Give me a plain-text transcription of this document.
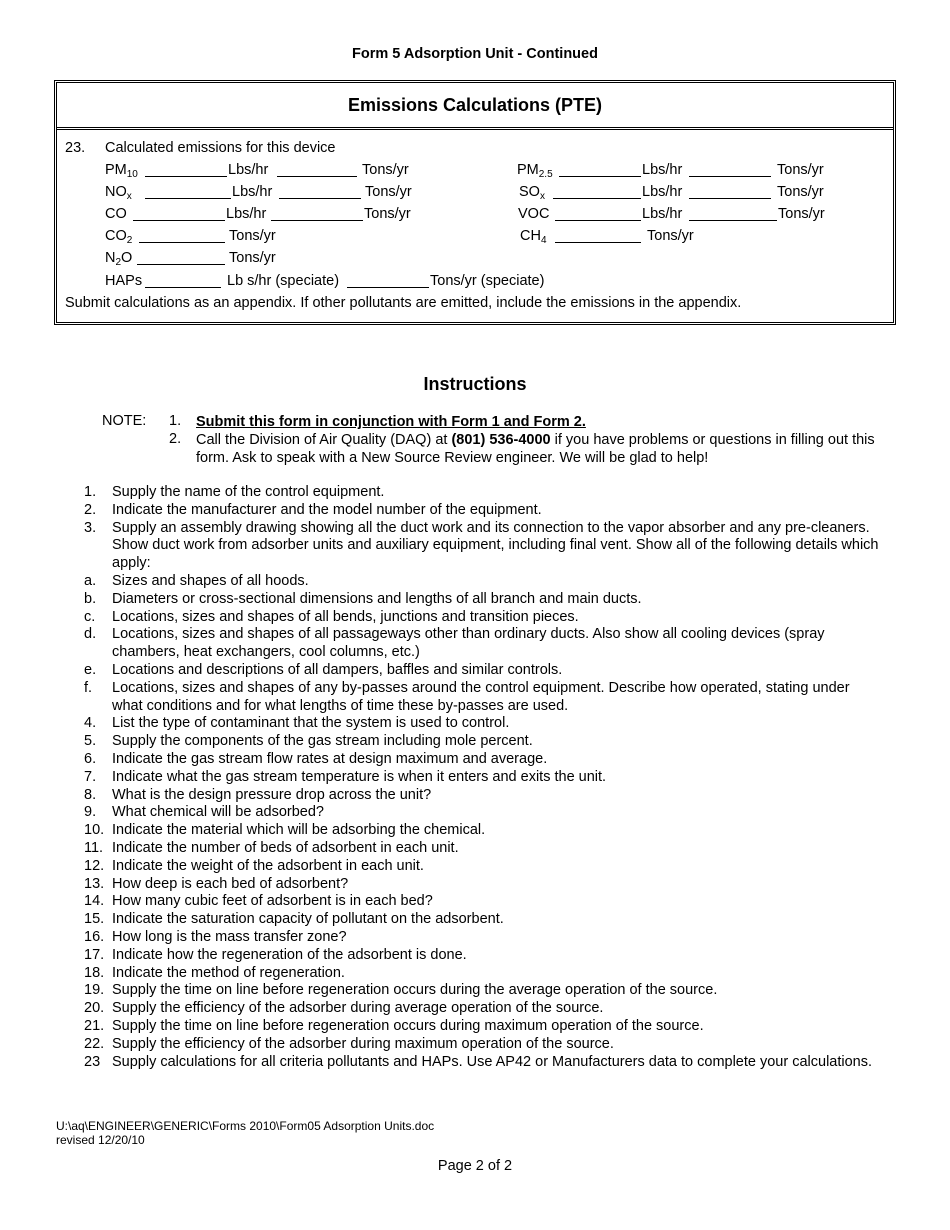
Form 5 Adsorption Unit - Continued
Emissions Calculations (PTE)
23. Calculated emissions for this device
$PM_{10}$	Lbs/hr	Tons/yr	$PM_{2.5}$	Lbs/hr	Tons/yr
$NO_x$	Lbs/hr	Tons/yr	$SO_x$	Lbs/hr	Tons/yr
CO	Lbs/hr	Tons/yr	VOC	Lbs/hr	Tons/yr
$CO_2$	Tons/yr	$CH_4$	Tons/yr
$N_2O$	Tons/yr
HAPs	Lb s/hr (speciate)	Tons/yr (speciate)
Submit calculations as an appendix. If other pollutants are emitted, include the emissions in the appendix.
Instructions
NOTE: 1. Submit this form in conjunction with Form 1 and Form 2.
2. Call the Division of Air Quality (DAQ) at (801) 536-4000 if you have problems or questions in filling out this form. Ask to speak with a New Source Review engineer. We will be glad to help!
1. Supply the name of the control equipment.
2. Indicate the manufacturer and the model number of the equipment.
3. Supply an assembly drawing showing all the duct work and its connection to the vapor absorber and any pre-cleaners. Show duct work from adsorber units and auxiliary equipment, including final vent. Show all of the following details which apply:
a. Sizes and shapes of all hoods.
b. Diameters or cross-sectional dimensions and lengths of all branch and main ducts.
c. Locations, sizes and shapes of all bends, junctions and transition pieces.
d. Locations, sizes and shapes of all passageways other than ordinary ducts. Also show all cooling devices (spray chambers, heat exchangers, cool columns, etc.)
e. Locations and descriptions of all dampers, baffles and similar controls.
f. Locations, sizes and shapes of any by-passes around the control equipment. Describe how operated, stating under what conditions and for what lengths of time these by-passes are used.
4. List the type of contaminant that the system is used to control.
5. Supply the components of the gas stream including mole percent.
6. Indicate the gas stream flow rates at design maximum and average.
7. Indicate what the gas stream temperature is when it enters and exits the unit.
8. What is the design pressure drop across the unit?
9. What chemical will be adsorbed?
10. Indicate the material which will be adsorbing the chemical.
11. Indicate the number of beds of adsorbent in each unit.
12. Indicate the weight of the adsorbent in each unit.
13. How deep is each bed of adsorbent?
14. How many cubic feet of adsorbent is in each bed?
15. Indicate the saturation capacity of pollutant on the adsorbent.
16. How long is the mass transfer zone?
17. Indicate how the regeneration of the adsorbent is done.
18. Indicate the method of regeneration.
19. Supply the time on line before regeneration occurs during the average operation of the source.
20. Supply the efficiency of the adsorber during average operation of the source.
21. Supply the time on line before regeneration occurs during maximum operation of the source.
22. Supply the efficiency of the adsorber during maximum operation of the source.
23 Supply calculations for all criteria pollutants and HAPs. Use AP42 or Manufacturers data to complete your calculations.
U:\aq\ENGINEER\GENERIC\Forms 2010\Form05 Adsorption Units.doc
revised 12/20/10
Page 2 of 2
